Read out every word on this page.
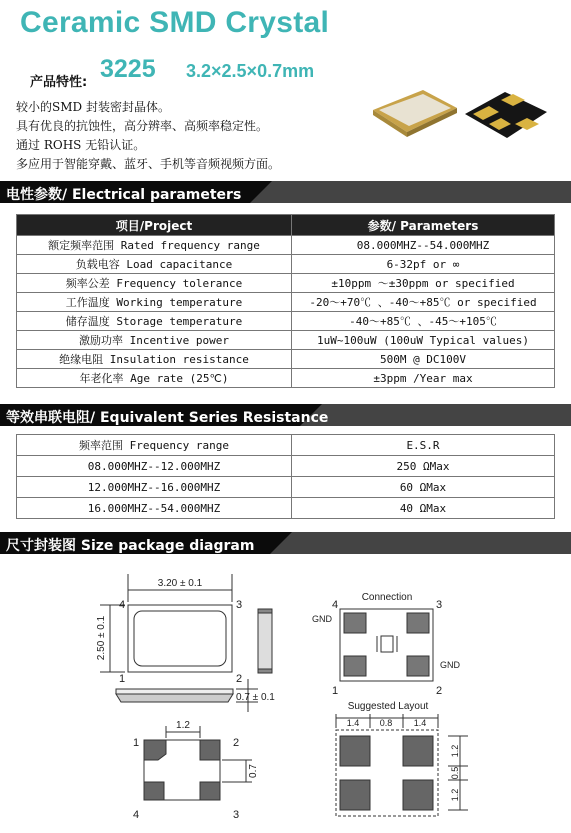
Ceramic SMD Crystal
产品特性: 3225 3.2×2.5×0.7mm
较小的SMD 封装密封晶体。
具有优良的抗蚀性，高分辨率、高频率稳定性。
通过 ROHS 无铅认证。
多应用于智能穿戴、蓝牙、手机等音频视频方面。
电性参数/ Electrical parameters
项目/Project	参数/ Parameters
额定频率范围 Rated frequency range	08.000MHZ--54.000MHZ
负载电容 Load capacitance	6-32pf or ∞
频率公差 Frequency tolerance	±10ppm ～±30ppm or specified
工作温度 Working temperature	-20～+70℃ 、-40～+85℃ or specified
储存温度 Storage temperature	-40～+85℃ 、-45～+105℃
激励功率 Incentive power	1uW~100uW (100uW Typical values)
绝缘电阻 Insulation resistance	500M @ DC100V
年老化率 Age rate (25℃)	±3ppm /Year max
等效串联电阻/ Equivalent Series Resistance
频率范围 Frequency range	E.S.R
08.000MHZ--12.000MHZ	250 ΩMax
12.000MHZ--16.000MHZ	60 ΩMax
16.000MHZ--54.000MHZ	40 ΩMax
尺寸封装图 Size package diagram
3.20 ± 0.1
2.50 ± 0.1
0.7 ± 0.1
1.2
0.7
4	3
1	2
1	2
3
4
Connection
4	3
1	2
GND
GND
Suggested Layout
1.4 0.8 1.4
1.2
0.5
1.2
